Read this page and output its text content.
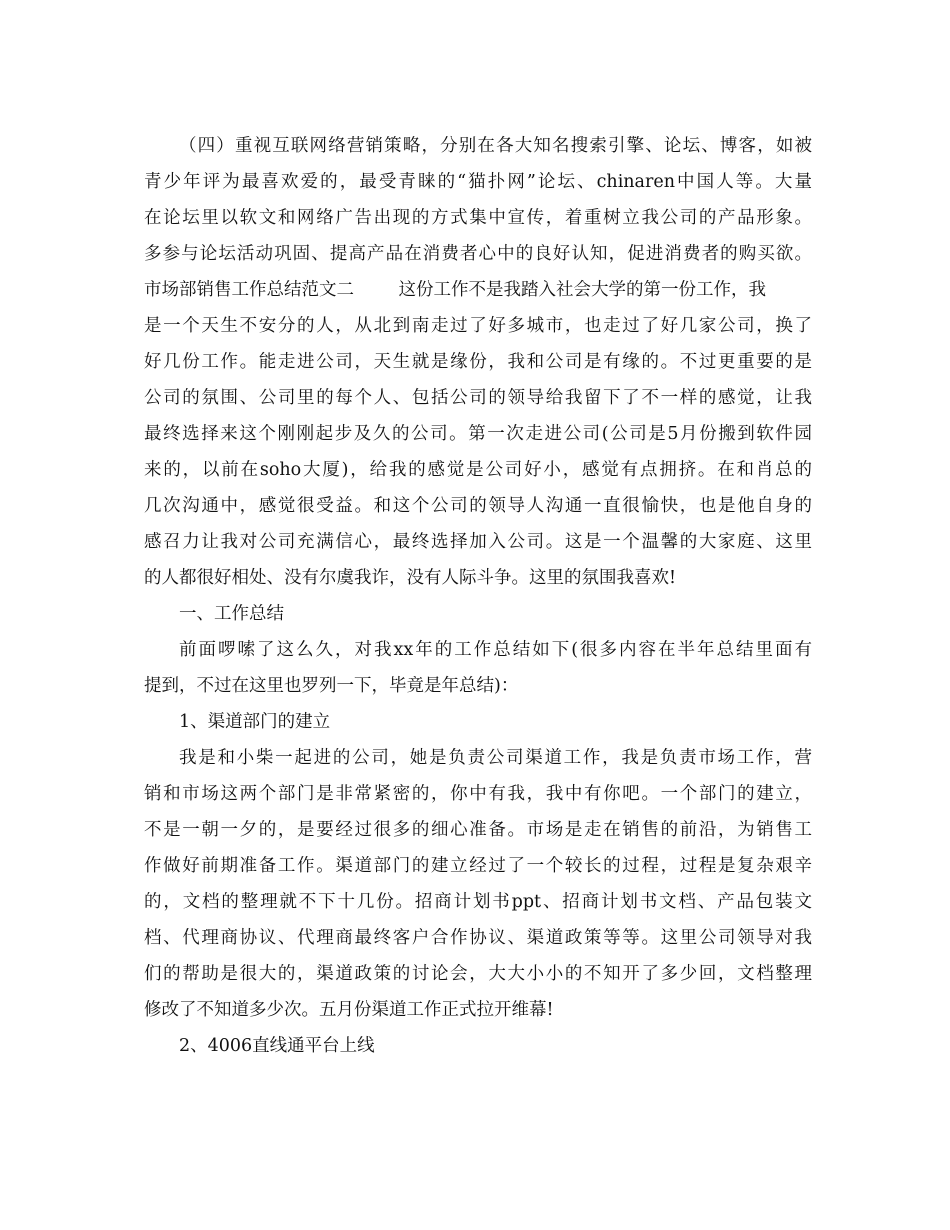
（四）重视互联网络营销策略，分别在各大知名搜索引擎、论坛、博客，如被
青少年评为最喜欢爱的，最受青睐的“猫扑网”论坛、chinaren中国人等。大量
在论坛里以软文和网络广告出现的方式集中宣传，着重树立我公司的产品形象。
多参与论坛活动巩固、提高产品在消费者心中的良好认知，促进消费者的购买欲。
市场部销售工作总结范文二        这份工作不是我踏入社会大学的第一份工作，我
是一个天生不安分的人，从北到南走过了好多城市，也走过了好几家公司，换了
好几份工作。能走进公司，天生就是缘份，我和公司是有缘的。不过更重要的是
公司的氛围、公司里的每个人、包括公司的领导给我留下了不一样的感觉，让我
最终选择来这个刚刚起步及久的公司。第一次走进公司(公司是5月份搬到软件园
来的，以前在soho大厦)，给我的感觉是公司好小，感觉有点拥挤。在和肖总的
几次沟通中，感觉很受益。和这个公司的领导人沟通一直很愉快，也是他自身的
感召力让我对公司充满信心，最终选择加入公司。这是一个温馨的大家庭、这里
的人都很好相处、没有尔虞我诈，没有人际斗争。这里的氛围我喜欢!
一、工作总结
前面啰嗦了这么久，对我xx年的工作总结如下(很多内容在半年总结里面有
提到，不过在这里也罗列一下，毕竟是年总结)：
1、渠道部门的建立
我是和小柴一起进的公司，她是负责公司渠道工作，我是负责市场工作，营
销和市场这两个部门是非常紧密的，你中有我，我中有你吧。一个部门的建立，
不是一朝一夕的，是要经过很多的细心准备。市场是走在销售的前沿，为销售工
作做好前期准备工作。渠道部门的建立经过了一个较长的过程，过程是复杂艰辛
的，文档的整理就不下十几份。招商计划书ppt、招商计划书文档、产品包装文
档、代理商协议、代理商最终客户合作协议、渠道政策等等。这里公司领导对我
们的帮助是很大的，渠道政策的讨论会，大大小小的不知开了多少回，文档整理
修改了不知道多少次。五月份渠道工作正式拉开维幕!
2、4006直线通平台上线
